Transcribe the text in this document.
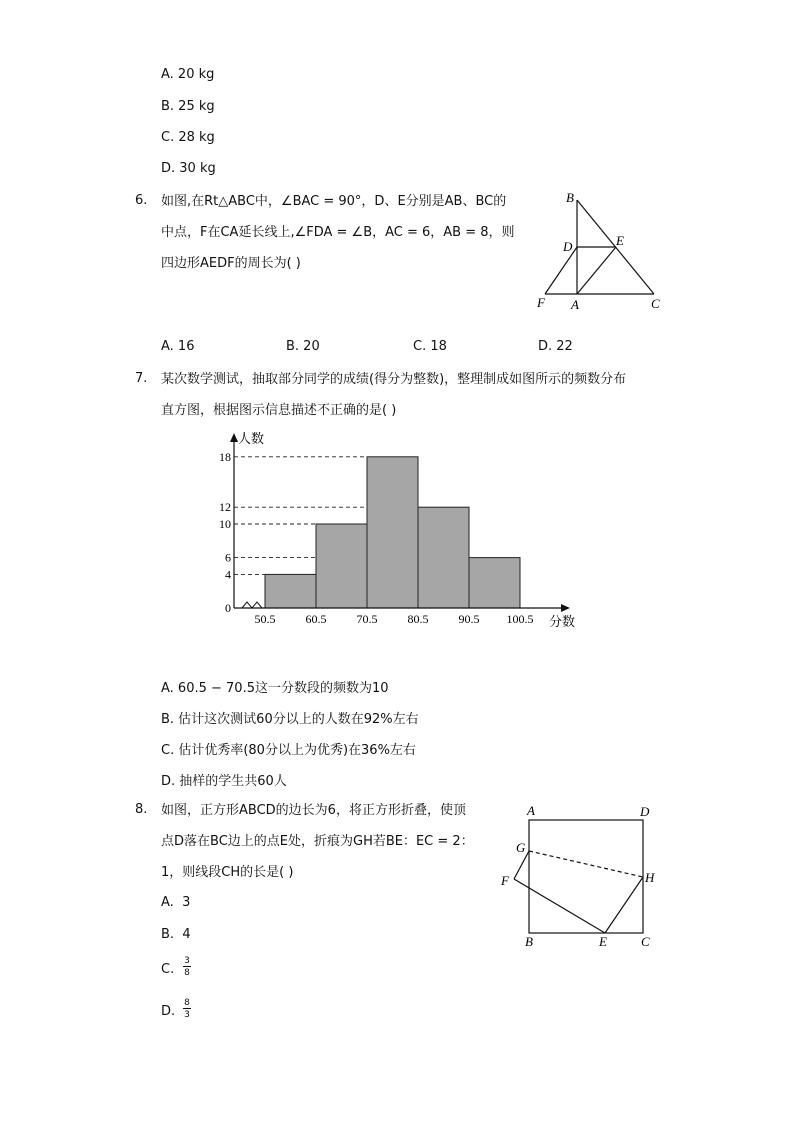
A. 20 kg
B. 25 kg
C. 28 kg
D. 30 kg
6. 如图,在Rt△ABC中，∠BAC = 90°，D、E分别是AB、BC的
中点，F在CA延长线上,∠FDA = ∠B，AC = 6，AB = 8，则
四边形AEDF的周长为( )
B
D	E
F A	C
A. 16	B. 20	C. 18	D. 22
7. 某次数学测试，抽取部分同学的成绩(得分为整数)，整理制成如图所示的频数分布
直方图，根据图示信息描述不正确的是( )
0
4
6
10
12
18
50.5	60.5	70.5	80.5	90.5 100.5
人数
分数
A. 60.5 − 70.5这一分数段的频数为10
B. 估计这次测试60分以上的人数在92%左右
C. 估计优秀率(80分以上为优秀)在36%左右
D. 抽样的学生共60人
8. 如图，正方形ABCD的边长为6，将正方形折叠，使顶
点D落在BC边上的点E处，折痕为GH若BE：EC = 2：
1，则线段CH的长是( )
A. 3
B. 4
C.
3
8
D.
8
3
A	D
G
H
F
B	E	C
